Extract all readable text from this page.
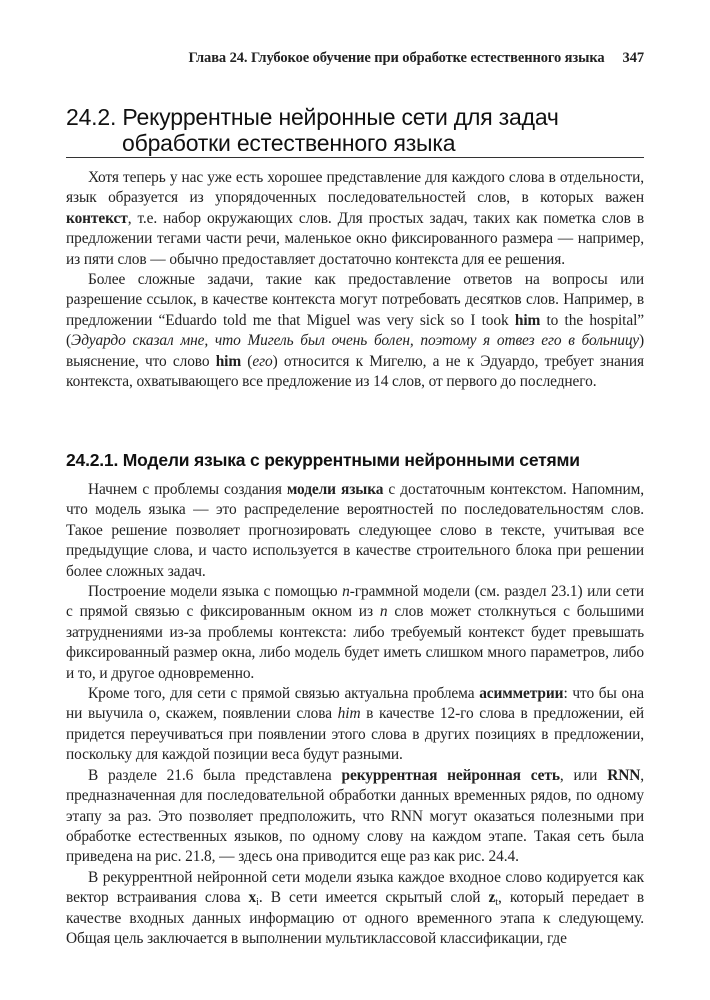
Глава 24. Глубокое обучение при обработке естественного языка 347
24.2. Рекуррентные нейронные сети для задач
обработки естественного языка

Хотя теперь у нас уже есть хорошее представление для каждого слова в отдельности, язык образуется из упорядоченных последовательностей слов, в которых важен контекст, т.е. набор окружающих слов. Для простых задач, таких как пометка слов в предложении тегами части речи, маленькое окно фиксированного размера — например, из пяти слов — обычно предоставляет достаточно контекста для ее решения.

Более сложные задачи, такие как предоставление ответов на вопросы или разрешение ссылок, в качестве контекста могут потребовать десятков слов. Например, в предложении “Eduardo told me that Miguel was very sick so I took him to the hospital” (Эдуардо сказал мне, что Мигель был очень болен, поэтому я отвез его в больницу) выяснение, что слово him (его) относится к Мигелю, а не к Эдуардо, требует знания контекста, охватывающего все предложение из 14 слов, от первого до последнего.

24.2.1. Модели языка с рекуррентными нейронными сетями

Начнем с проблемы создания модели языка с достаточным контекстом. Напомним, что модель языка — это распределение вероятностей по последовательностям слов. Такое решение позволяет прогнозировать следующее слово в тексте, учитывая все предыдущие слова, и часто используется в качестве строительного блока при решении более сложных задач.

Построение модели языка с помощью n-граммной модели (см. раздел 23.1) или сети с прямой связью с фиксированным окном из n слов может столкнуться с большими затруднениями из-за проблемы контекста: либо требуемый контекст будет превышать фиксированный размер окна, либо модель будет иметь слишком много параметров, либо и то, и другое одновременно.

Кроме того, для сети с прямой связью актуальна проблема асимметрии: что бы она ни выучила о, скажем, появлении слова him в качестве 12-го слова в предложении, ей придется переучиваться при появлении этого слова в других позициях в предложении, поскольку для каждой позиции веса будут разными.

В разделе 21.6 была представлена рекуррентная нейронная сеть, или RNN, предназначенная для последовательной обработки данных временных рядов, по одному этапу за раз. Это позволяет предположить, что RNN могут оказаться полезными при обработке естественных языков, по одному слову на каждом этапе. Такая сеть была приведена на рис. 21.8, — здесь она приводится еще раз как рис. 24.4.

В рекуррентной нейронной сети модели языка каждое входное слово кодируется как вектор встраивания слова $x_i$. В сети имеется скрытый слой $z_t$, который передает в качестве входных данных информацию от одного временного этапа к следующему. Общая цель заключается в выполнении мультиклассовой классификации, где
